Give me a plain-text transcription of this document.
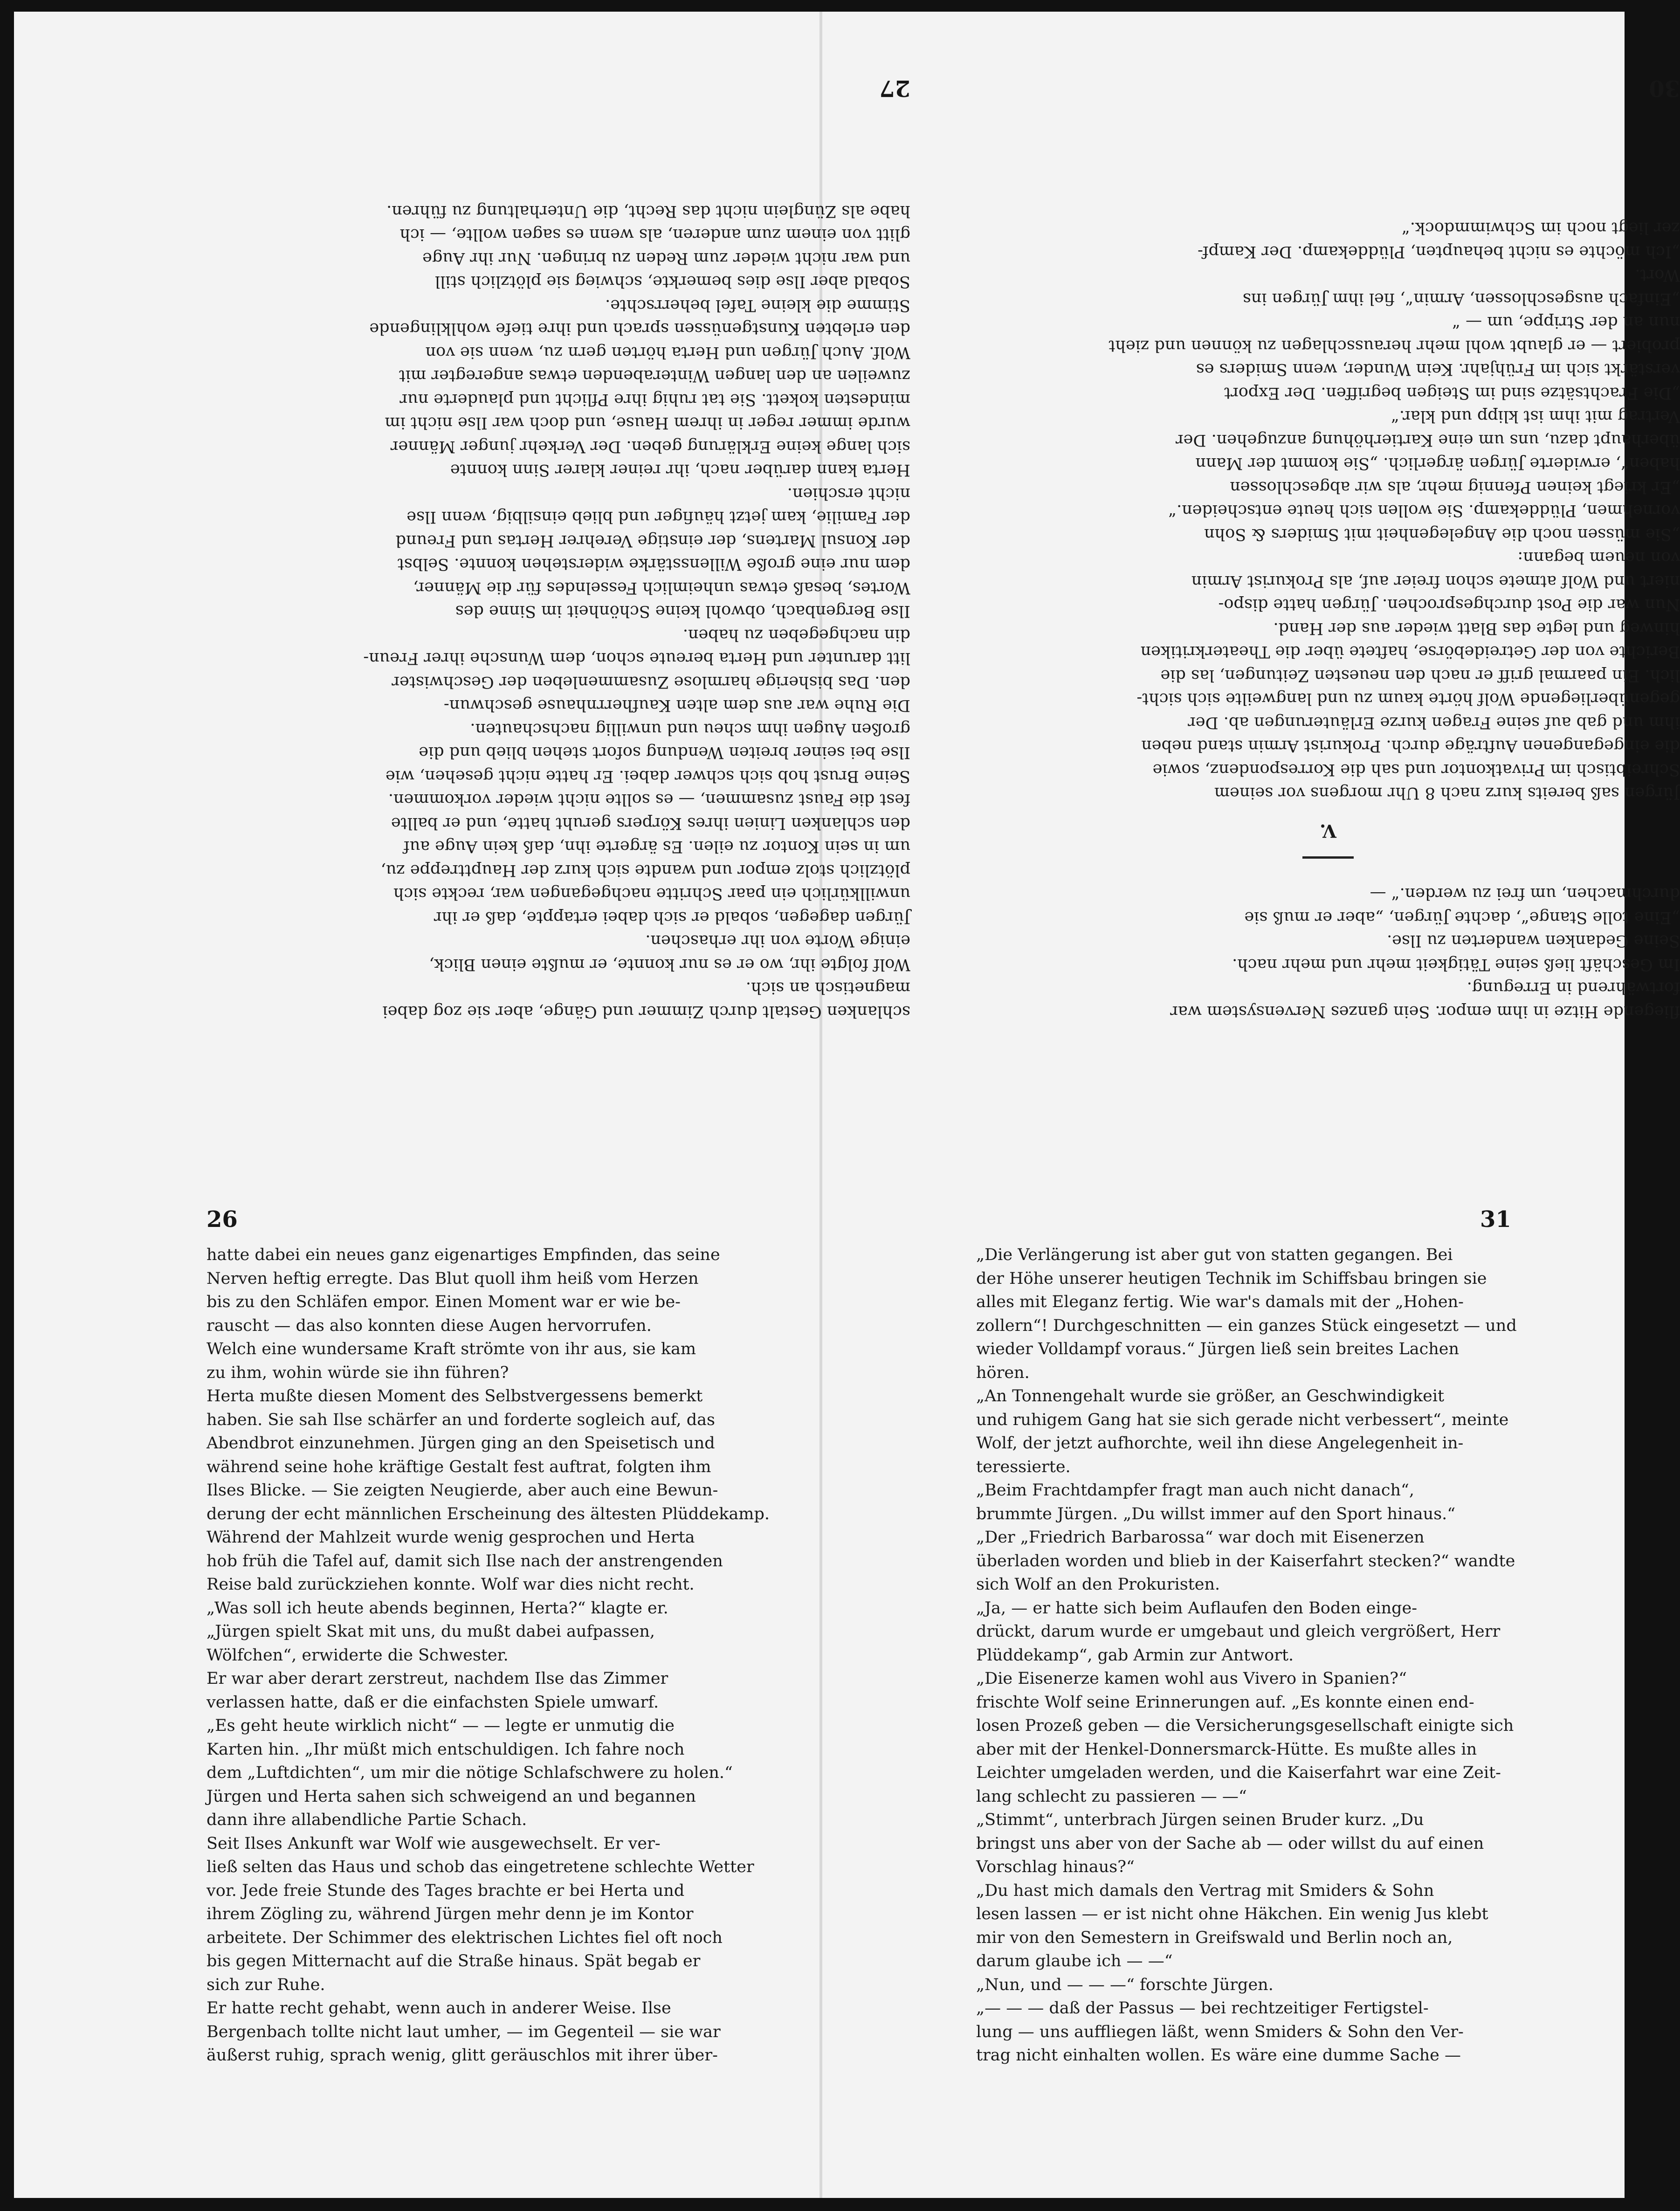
26

hatte dabei ein neues ganz eigenartiges Empfinden, das seine

Nerven heftig erregte. Das Blut quoll ihm heiß vom Herzen

bis zu den Schläfen empor. Einen Moment war er wie be-

rauscht — das also konnten diese Augen hervorrufen.

Welch eine wundersame Kraft strömte von ihr aus, sie kam

zu ihm, wohin würde sie ihn führen?

Herta mußte diesen Moment des Selbstvergessens bemerkt

haben. Sie sah Ilse schärfer an und forderte sogleich auf, das

Abendbrot einzunehmen. Jürgen ging an den Speisetisch und

während seine hohe kräftige Gestalt fest auftrat, folgten ihm

Ilses Blicke. — Sie zeigten Neugierde, aber auch eine Bewun-

derung der echt männlichen Erscheinung des ältesten Plüddekamp.

Während der Mahlzeit wurde wenig gesprochen und Herta

hob früh die Tafel auf, damit sich Ilse nach der anstrengenden

Reise bald zurückziehen konnte. Wolf war dies nicht recht.

„Was soll ich heute abends beginnen, Herta?“ klagte er.

„Jürgen spielt Skat mit uns, du mußt dabei aufpassen,

Wölfchen“, erwiderte die Schwester.

Er war aber derart zerstreut, nachdem Ilse das Zimmer

verlassen hatte, daß er die einfachsten Spiele umwarf.

„Es geht heute wirklich nicht“ — — legte er unmutig die

Karten hin. „Ihr müßt mich entschuldigen. Ich fahre noch

dem „Luftdichten“, um mir die nötige Schlafschwere zu holen.“

Jürgen und Herta sahen sich schweigend an und begannen

dann ihre allabendliche Partie Schach.

Seit Ilses Ankunft war Wolf wie ausgewechselt. Er ver-

ließ selten das Haus und schob das eingetretene schlechte Wetter

vor. Jede freie Stunde des Tages brachte er bei Herta und

ihrem Zögling zu, während Jürgen mehr denn je im Kontor

arbeitete. Der Schimmer des elektrischen Lichtes fiel oft noch

bis gegen Mitternacht auf die Straße hinaus. Spät begab er

sich zur Ruhe.

Er hatte recht gehabt, wenn auch in anderer Weise. Ilse

Bergenbach tollte nicht laut umher, — im Gegenteil — sie war

äußerst ruhig, sprach wenig, glitt geräuschlos mit ihrer über-

31

„Die Verlängerung ist aber gut von statten gegangen. Bei

der Höhe unserer heutigen Technik im Schiffsbau bringen sie

alles mit Eleganz fertig. Wie war's damals mit der „Hohen-

zollern“! Durchgeschnitten — ein ganzes Stück eingesetzt — und

wieder Volldampf voraus.“ Jürgen ließ sein breites Lachen

hören.

„An Tonnengehalt wurde sie größer, an Geschwindigkeit

und ruhigem Gang hat sie sich gerade nicht verbessert“, meinte

Wolf, der jetzt aufhorchte, weil ihn diese Angelegenheit in-

teressierte.

„Beim Frachtdampfer fragt man auch nicht danach“,

brummte Jürgen. „Du willst immer auf den Sport hinaus.“

„Der „Friedrich Barbarossa“ war doch mit Eisenerzen

überladen worden und blieb in der Kaiserfahrt stecken?“ wandte

sich Wolf an den Prokuristen.

„Ja, — er hatte sich beim Auflaufen den Boden einge-

drückt, darum wurde er umgebaut und gleich vergrößert, Herr

Plüddekamp“, gab Armin zur Antwort.

„Die Eisenerze kamen wohl aus Vivero in Spanien?“

frischte Wolf seine Erinnerungen auf. „Es konnte einen end-

losen Prozeß geben — die Versicherungsgesellschaft einigte sich

aber mit der Henkel-Donnersmarck-Hütte. Es mußte alles in

Leichter umgeladen werden, und die Kaiserfahrt war eine Zeit-

lang schlecht zu passieren — —“

„Stimmt“, unterbrach Jürgen seinen Bruder kurz. „Du

bringst uns aber von der Sache ab — oder willst du auf einen

Vorschlag hinaus?“

„Du hast mich damals den Vertrag mit Smiders & Sohn

lesen lassen — er ist nicht ohne Häkchen. Ein wenig Jus klebt

mir von den Semestern in Greifswald und Berlin noch an,

darum glaube ich — —“

„Nun, und — — —“ forschte Jürgen.

„— — — daß der Passus — bei rechtzeitiger Fertigstel-

lung — uns auffliegen läßt, wenn Smiders & Sohn den Ver-

trag nicht einhalten wollen. Es wäre eine dumme Sache —

27

schlanken Gestalt durch Zimmer und Gänge, aber sie zog dabei

magnetisch an sich.

Wolf folgte ihr, wo er es nur konnte, er mußte einen Blick,

einige Worte von ihr erhaschen.

Jürgen dagegen, sobald er sich dabei ertappte, daß er ihr

unwillkürlich ein paar Schritte nachgegangen war, reckte sich

plötzlich stolz empor und wandte sich kurz der Haupttreppe zu,

um in sein Kontor zu eilen. Es ärgerte ihn, daß kein Auge auf

den schlanken Linien ihres Körpers geruht hatte, und er ballte

fest die Faust zusammen, — es sollte nicht wieder vorkommen.

Seine Brust hob sich schwer dabei. Er hatte nicht gesehen, wie

Ilse bei seiner breiten Wendung sofort stehen blieb und die

großen Augen ihm scheu und unwillig nachschauten.

Die Ruhe war aus dem alten Kaufherrnhause geschwun-

den. Das bisherige harmlose Zusammenleben der Geschwister

litt darunter und Herta bereute schon, dem Wunsche ihrer Freun-

din nachgegeben zu haben.

Ilse Bergenbach, obwohl keine Schönheit im Sinne des

Wortes, besaß etwas unheimlich Fesselndes für die Männer,

dem nur eine große Willensstärke widerstehen konnte. Selbst

der Konsul Martens, der einstige Verehrer Hertas und Freund

der Familie, kam jetzt häufiger und blieb einsilbig, wenn Ilse

nicht erschien.

Herta kann darüber nach, ihr reiner klarer Sinn konnte

sich lange keine Erklärung geben. Der Verkehr junger Männer

wurde immer reger in ihrem Hause, und doch war Ilse nicht im

mindesten kokett. Sie tat ruhig ihre Pflicht und plauderte nur

zuweilen an den langen Winterabenden etwas angeregter mit

Wolf. Auch Jürgen und Herta hörten gern zu, wenn sie von

den erlebten Kunstgenüssen sprach und ihre tiefe wohlklingende

Stimme die kleine Tafel beherrschte.

Sobald aber Ilse dies bemerkte, schwieg sie plötzlich still

und war nicht wieder zum Reden zu bringen. Nur ihr Auge

glitt von einem zum anderen, als wenn es sagen wollte, — ich

habe als Zünglein nicht das Recht, die Unterhaltung zu führen.

30

fliegende Hitze in ihm empor. Sein ganzes Nervensystem war

fortwährend in Erregung.

Im Geschäft ließ seine Tätigkeit mehr und mehr nach.

Seine Gedanken wanderten zu Ilse.

„Eine tolle Stange“, dachte Jürgen, „aber er muß sie

durchmachen, um frei zu werden.“ —

V.

Jürgen saß bereits kurz nach 8 Uhr morgens vor seinem

Schreibtisch im Privatkontor und sah die Korrespondenz, sowie

die eingegangenen Aufträge durch. Prokurist Armin stand neben

ihm und gab auf seine Fragen kurze Erläuterungen ab. Der

gegenüberliegende Wolf hörte kaum zu und langweilte sich sicht-

lich. Ein paarmal griff er nach den neuesten Zeitungen, las die

Berichte von der Getreidebörse, haftete über die Theaterkritiken

hinweg und legte das Blatt wieder aus der Hand.

Nun war die Post durchgesprochen. Jürgen hatte dispo-

niert und Wolf atmete schon freier auf, als Prokurist Armin

von neuem begann:

„Sie müssen noch die Angelegenheit mit Smiders & Sohn

vornehmen, Plüddekamp. Sie wollen sich heute entscheiden.“

„Er kriegt keinen Pfennig mehr, als wir abgeschlossen

haben“, erwiderte Jürgen ärgerlich. „Sie kommt der Mann

überhaupt dazu, uns um eine Kartierhöhung anzugehen. Der

Vertrag mit ihm ist klipp und klar.“

„Die Frachtsätze sind im Steigen begriffen. Der Export

verstärkt sich im Frühjahr. Kein Wunder, wenn Smiders es

probiert — er glaubt wohl mehr herausschlagen zu können und zieht

nun an der Strippe, um — “

„Einfach ausgeschlossen, Armin“, fiel ihm Jürgen ins

Wort.

„Ich möchte es nicht behaupten, Plüddekamp. Der Kampf-

zer liegt noch im Schwimmdock.“
